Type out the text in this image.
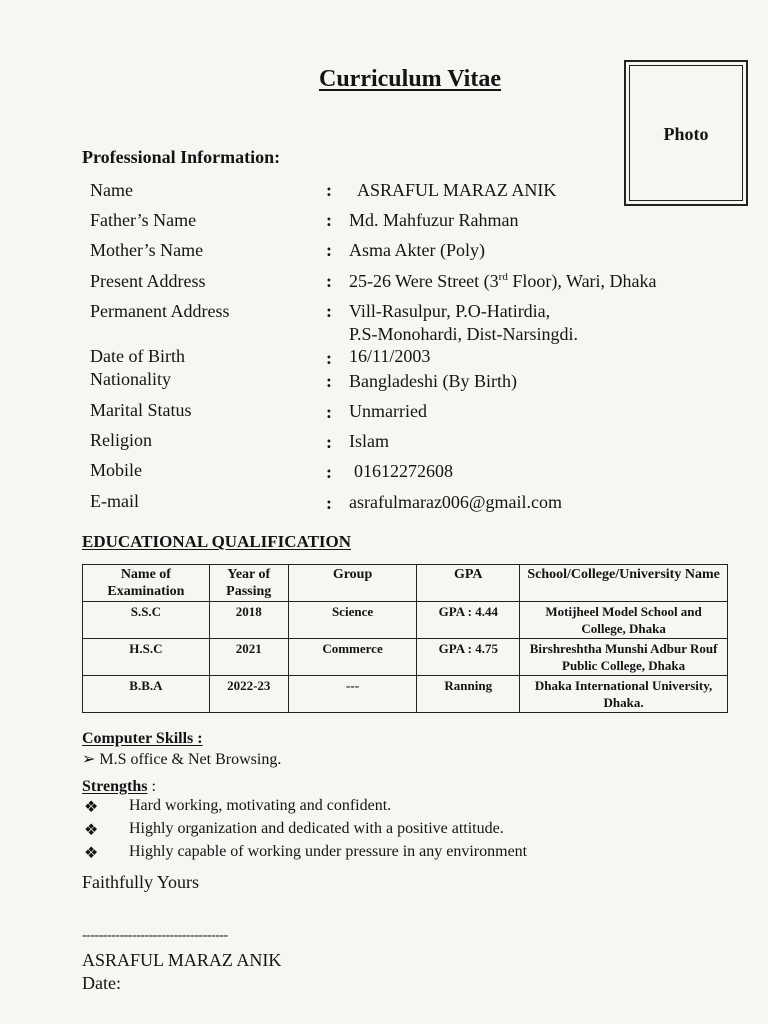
Curriculum Vitae
Photo
Professional Information:
Name	: ASRAFUL MARAZ ANIK
Father’s Name	: Md. Mahfuzur Rahman
Mother’s Name	: Asma Akter (Poly)
Present Address	: 25-26 Were Street (3rd Floor), Wari, Dhaka
Permanent Address	: Vill-Rasulpur, P.O-Hatirdia,
P.S-Monohardi, Dist-Narsingdi.
Date of Birth	: 16/11/2003
Nationality	: Bangladeshi (By Birth)
Marital Status	: Unmarried
Religion	: Islam
Mobile	: 01612272608
E-mail	: asrafulmaraz006@gmail.com
EDUCATIONAL QUALIFICATION
Name of Examination	Year of Passing	Group	GPA	School/College/University Name
S.S.C	2018	Science	GPA : 4.44	Motijheel Model School and College, Dhaka
H.S.C	2021	Commerce	GPA : 4.75	Birshreshtha Munshi Adbur Rouf Public College, Dhaka
B.B.A	2022-23	---	Ranning	Dhaka International University, Dhaka.
Computer Skills :
➢ M.S office & Net Browsing.
Strengths :
❖ Hard working, motivating and confident.
❖ Highly organization and dedicated with a positive attitude.
❖ Highly capable of working under pressure in any environment
Faithfully Yours
-----------------------------------
ASRAFUL MARAZ ANIK
Date:
